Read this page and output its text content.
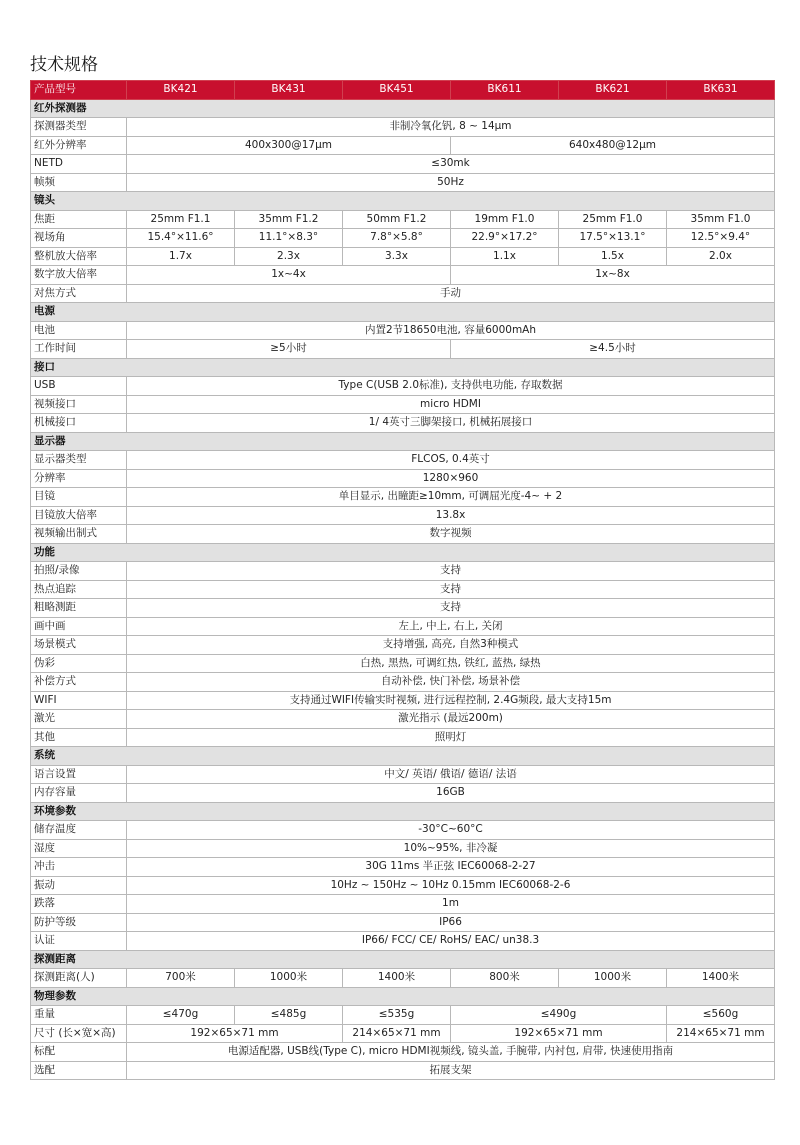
技术规格
产品型号	BK421	BK431	BK451	BK611	BK621	BK631
红外探测器						
探测器类型	非制冷氧化钒, 8 ~ 14μm					
红外分辨率	400x300@17μm			640x480@12μm		
NETD	≤30mk					
帧频	50Hz					
镜头						
焦距	25mm F1.1	35mm F1.2	50mm F1.2	19mm F1.0	25mm F1.0	35mm F1.0
视场角	15.4°×11.6°	11.1°×8.3°	7.8°×5.8°	22.9°×17.2°	17.5°×13.1°	12.5°×9.4°
整机放大倍率	1.7x	2.3x	3.3x	1.1x	1.5x	2.0x
数字放大倍率	1x~4x			1x~8x		
对焦方式	手动					
电源						
电池	内置2节18650电池, 容量6000mAh					
工作时间	≥5小时			≥4.5小时		
接口						
USB	Type C(USB 2.0标准), 支持供电功能, 存取数据					
视频接口	micro HDMI					
机械接口	1/ 4英寸三脚架接口, 机械拓展接口					
显示器						
显示器类型	FLCOS, 0.4英寸					
分辨率	1280×960					
目镜	单目显示, 出瞳距≥10mm, 可调屈光度-4~ + 2					
目镜放大倍率	13.8x					
视频输出制式	数字视频					
功能						
拍照/录像	支持					
热点追踪	支持					
粗略测距	支持					
画中画	左上, 中上, 右上, 关闭					
场景模式	支持增强, 高亮, 自然3种模式					
伪彩	白热, 黑热, 可调红热, 铁红, 蓝热, 绿热					
补偿方式	自动补偿, 快门补偿, 场景补偿					
WIFI	支持通过WIFI传输实时视频, 进行远程控制, 2.4G频段, 最大支持15m					
激光	激光指示 (最远200m)					
其他	照明灯					
系统						
语言设置	中文/ 英语/ 俄语/ 德语/ 法语					
内存容量	16GB					
环境参数						
储存温度	-30°C~60°C					
湿度	10%~95%, 非冷凝					
冲击	30G 11ms 半正弦 IEC60068-2-27					
振动	10Hz ~ 150Hz ~ 10Hz 0.15mm IEC60068-2-6					
跌落	1m					
防护等级	IP66					
认证	IP66/ FCC/ CE/ RoHS/ EAC/ un38.3					
探测距离						
探测距离(人)	700米	1000米	1400米	800米	1000米	1400米
物理参数						
重量	≤470g	≤485g	≤535g	≤490g		≤560g
尺寸 (长×宽×高)	192×65×71 mm		214×65×71 mm	192×65×71 mm		214×65×71 mm
标配	电源适配器, USB线(Type C), micro HDMI视频线, 镜头盖, 手腕带, 内衬包, 肩带, 快速使用指南					
选配	拓展支架					
